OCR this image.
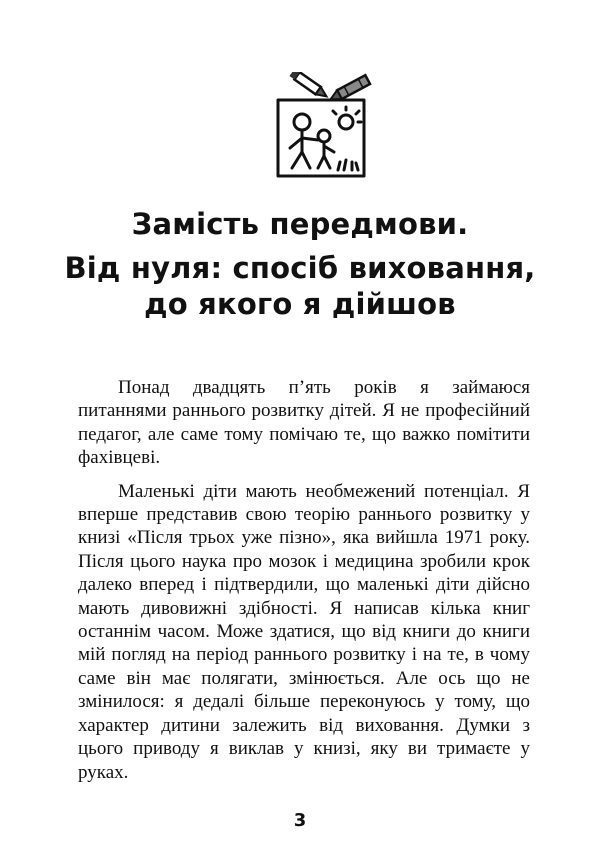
Замість передмови.
Від нуля: спосіб виховання,
до якого я дійшов

Понад двадцять п’ять років я займаюся питаннями раннього розвитку дітей. Я не професійний педагог, але саме тому помічаю те, що важко помітити фахівцеві.

Маленькі діти мають необмежений потенціал. Я вперше представив свою теорію раннього розвитку у книзі «Після трьох уже пізно», яка вийшла 1971 року. Після цього наука про мозок і медицина зробили крок далеко вперед і підтвердили, що маленькі діти дійсно мають дивовижні здібності. Я написав кілька книг останнім часом. Може здатися, що від книги до книги мій погляд на період раннього розвитку і на те, в чому саме він має полягати, змінюється. Але ось що не змінилося: я дедалі більше переконуюсь у тому, що характер дитини залежить від виховання. Думки з цього приводу я виклав у книзі, яку ви тримаєте у руках.

3
